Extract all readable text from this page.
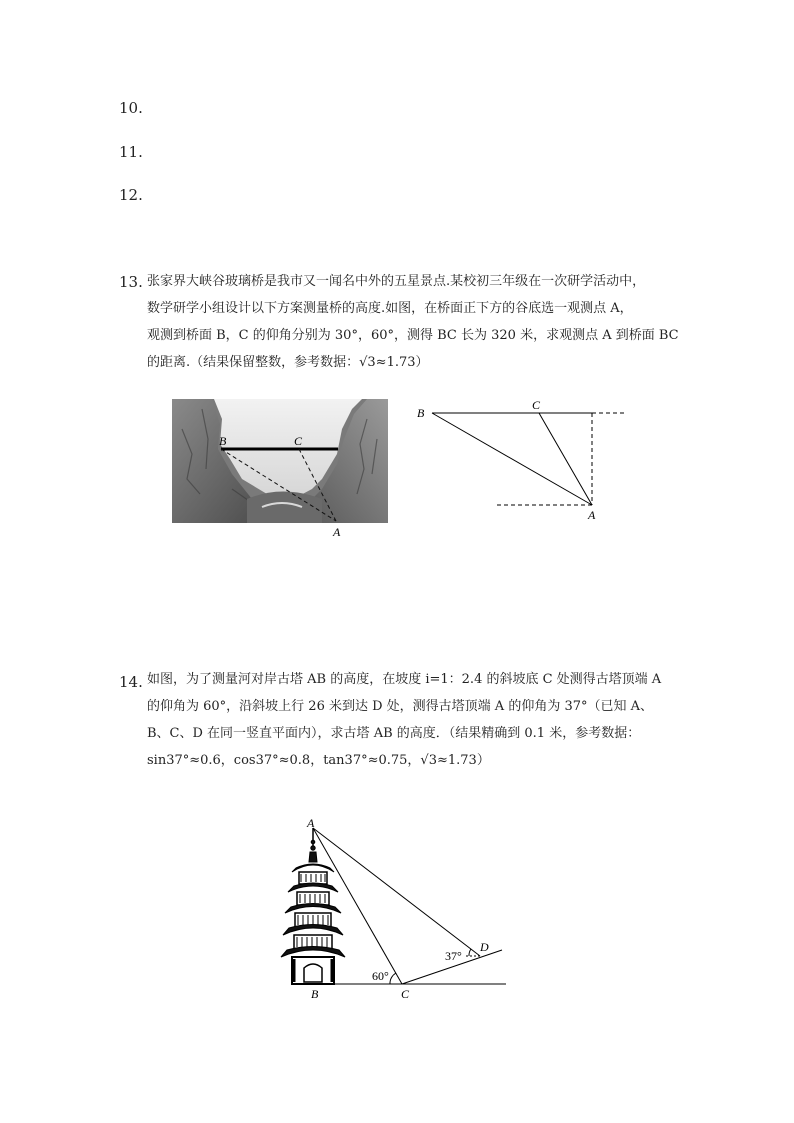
10.
11.
12.
13. 张家界大峡谷玻璃桥是我市又一闻名中外的五星景点.某校初三年级在一次研学活动中，
数学研学小组设计以下方案测量桥的高度.如图，在桥面正下方的谷底选一观测点 A，
观测到桥面 B，C 的仰角分别为 30°，60°，测得 BC 长为 320 米，求观测点 A 到桥面 BC
的距离.（结果保留整数，参考数据：√3≈1.73）
B	C
A
B
C
A
14. 如图，为了测量河对岸古塔 AB 的高度，在坡度 i=1：2.4 的斜坡底 C 处测得古塔顶端 A
的仰角为 60°，沿斜坡上行 26 米到达 D 处，测得古塔顶端 A 的仰角为 37°（已知 A、
B、C、D 在同一竖直平面内），求古塔 AB 的高度．（结果精确到 0.1 米，参考数据：
sin37°≈0.6，cos37°≈0.8，tan37°≈0.75，√3≈1.73）
A
B	C
D
60°
37°
